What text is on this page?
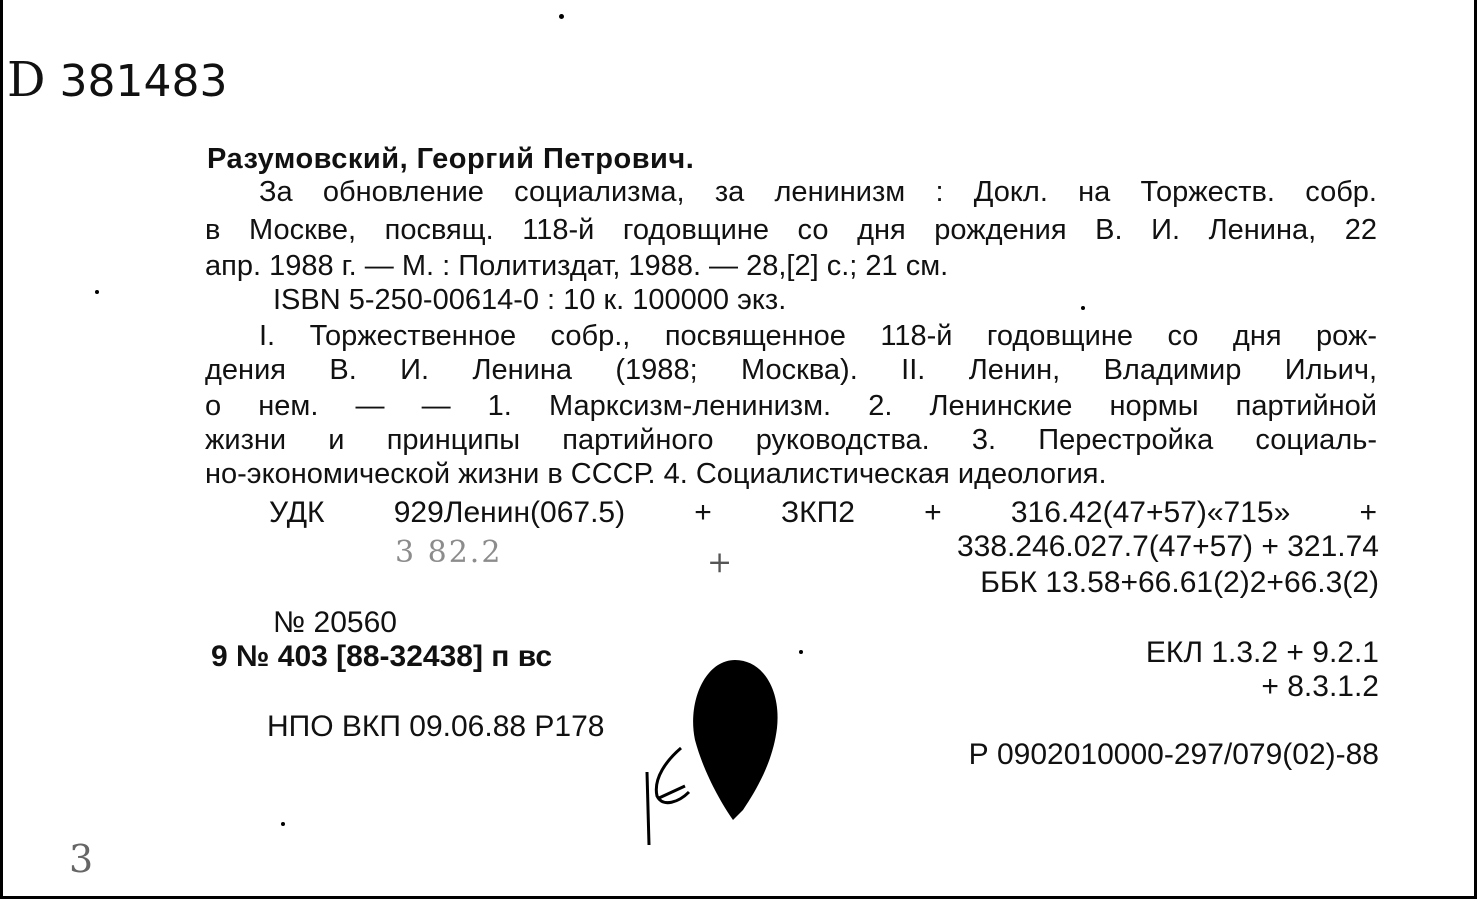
D 381483
Разумовский, Георгий Петрович.
За обновление социализма, за ленинизм : Докл. на Торжеств. собр.
в Москве, посвящ. 118-й годовщине со дня рождения В. И. Ленина, 22
апр. 1988 г. — М. : Политиздат, 1988. — 28,[2] с.; 21 см.
ISBN 5-250-00614-0 : 10 к. 100000 экз.
I. Торжественное собр., посвященное 118-й годовщине со дня рож-
дения В. И. Ленина (1988; Москва). II. Ленин, Владимир Ильич,
о нем. — — 1. Марксизм-ленинизм. 2. Ленинские нормы партийной
жизни и принципы партийного руководства. 3. Перестройка социаль-
но-экономической жизни в СССР. 4. Социалистическая идеология.
УДК 929Ленин(067.5) + ЗКП2 + 316.42(47+57)«715» +
338.246.027.7(47+57) + 321.74
ББК 13.58+66.61(2)2+66.3(2)
3 82.2	+
№ 20560
9 № 403 [88-32438] п вс	ЕКЛ 1.3.2 + 9.2.1
+ 8.3.1.2
НПО ВКП 09.06.88 Р178
Р 0902010000-297/079(02)-88
3
